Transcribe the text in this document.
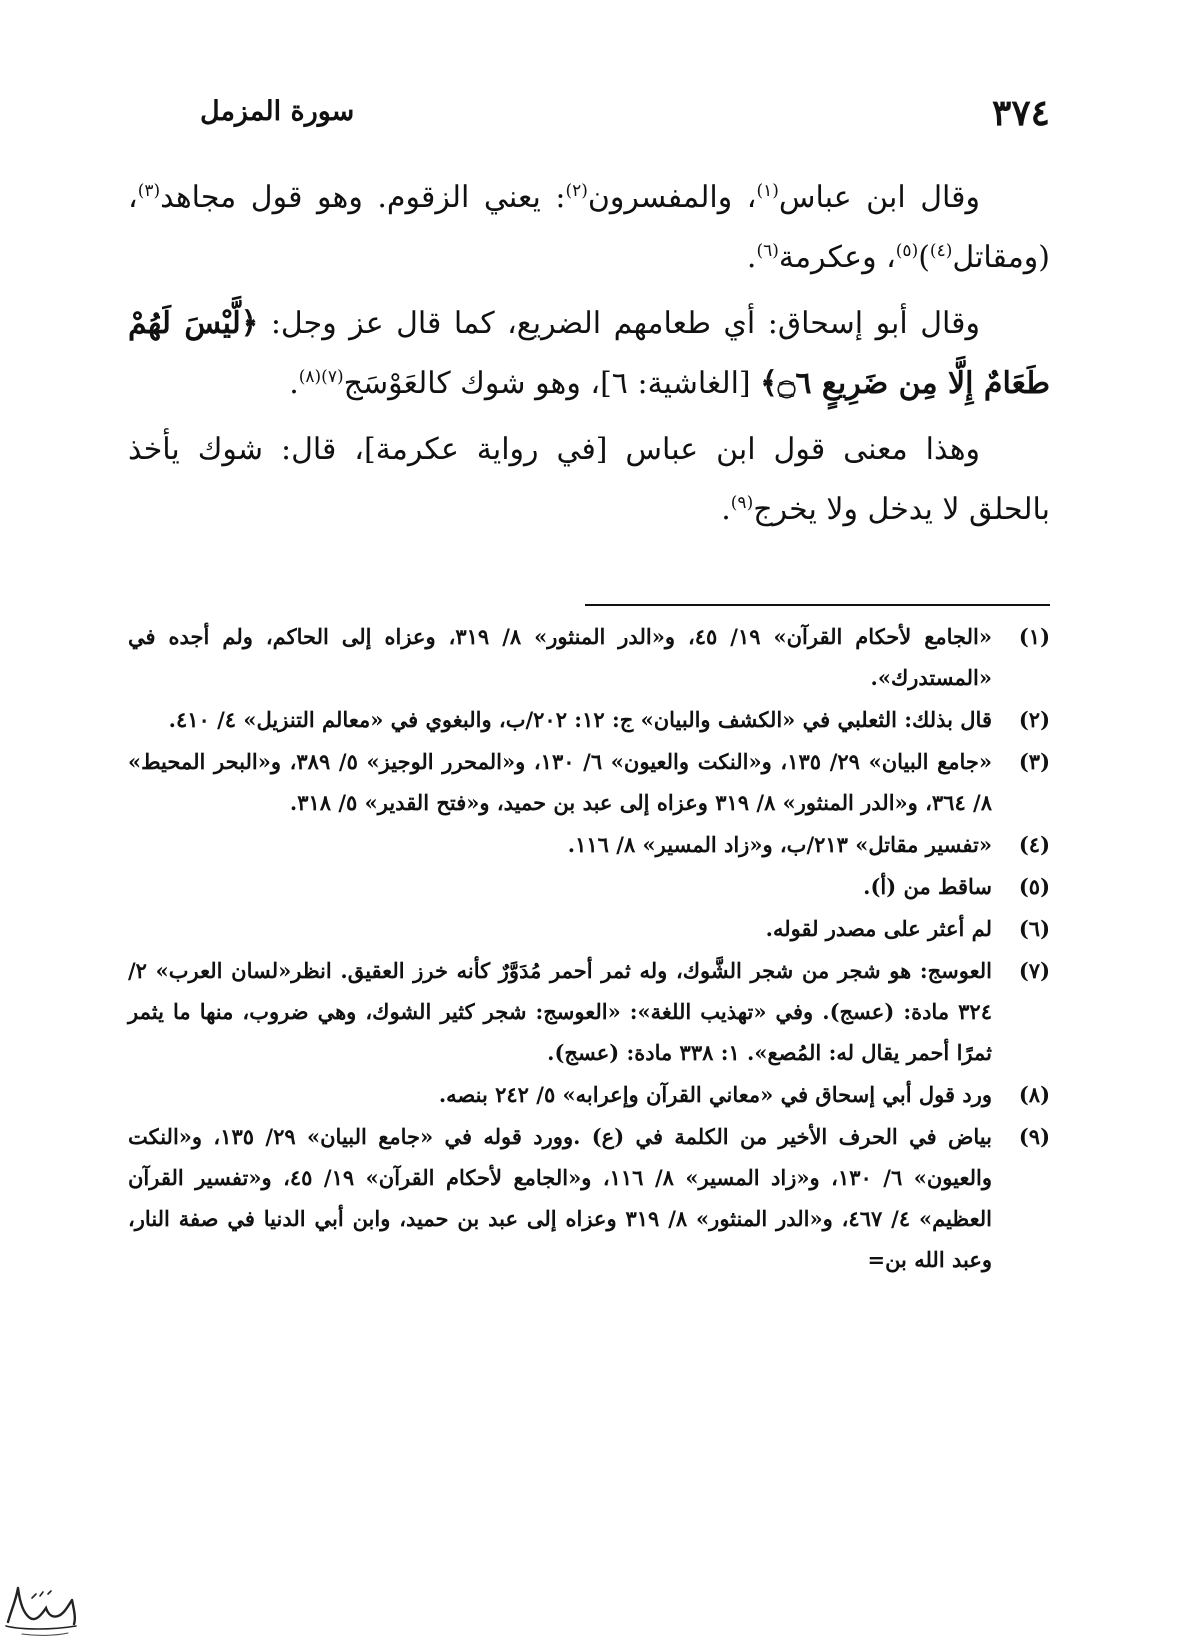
٣٧٤
سورة المزمل

وقال ابن عباس$^{(١)}$، والمفسرون$^{(٢)}$: يعني الزقوم. وهو قول مجاهد$^{(٣)}$، (ومقاتل$^{(٤)}$)$^{(٥)}$، وعكرمة$^{(٦)}$.

وقال أبو إسحاق: أي طعامهم الضريع، كما قال عز وجل: ﴿لَّيْسَ لَهُمْ طَعَامٌ إِلَّا مِن ضَرِيعٍ ۝٦﴾ [الغاشية: ٦]، وهو شوك كالعَوْسَج$^{(٧)(٨)}$.

وهذا معنى قول ابن عباس [في رواية عكرمة]، قال: شوك يأخذ بالحلق لا يدخل ولا يخرج$^{(٩)}$.

(١)
«الجامع لأحكام القرآن» ١٩/ ٤٥، و«الدر المنثور» ٨/ ٣١٩، وعزاه إلى الحاكم، ولم أجده في «المستدرك».
(٢)
قال بذلك: الثعلبي في «الكشف والبيان» ج: ١٢: ٢٠٢/ب، والبغوي في «معالم التنزيل» ٤/ ٤١٠.
(٣)
«جامع البيان» ٢٩/ ١٣٥، و«النكت والعيون» ٦/ ١٣٠، و«المحرر الوجيز» ٥/ ٣٨٩، و«البحر المحيط» ٨/ ٣٦٤، و«الدر المنثور» ٨/ ٣١٩ وعزاه إلى عبد بن حميد، و«فتح القدير» ٥/ ٣١٨.
(٤)
«تفسير مقاتل» ٢١٣/ب، و«زاد المسير» ٨/ ١١٦.
(٥)
ساقط من (أ).
(٦)
لم أعثر على مصدر لقوله.
(٧)
العوسج: هو شجر من شجر الشَّوك، وله ثمر أحمر مُدَوَّرٌ كأنه خرز العقيق. انظر«لسان العرب» ٢/ ٣٢٤ مادة: (عسج). وفي «تهذيب اللغة»: «العوسج: شجر كثير الشوك، وهي ضروب، منها ما يثمر ثمرًا أحمر يقال له: المُصع». ١: ٣٣٨ مادة: (عسج).
(٨)
ورد قول أبي إسحاق في «معاني القرآن وإعرابه» ٥/ ٢٤٢ بنصه.
(٩)
بياض في الحرف الأخير من الكلمة في (ع) .وورد قوله في «جامع البيان» ٢٩/ ١٣٥، و«النكت والعيون» ٦/ ١٣٠، و«زاد المسير» ٨/ ١١٦، و«الجامع لأحكام القرآن» ١٩/ ٤٥، و«تفسير القرآن العظيم» ٤/ ٤٦٧، و«الدر المنثور» ٨/ ٣١٩ وعزاه إلى عبد بن حميد، وابن أبي الدنيا في صفة النار، وعبد الله بن=
